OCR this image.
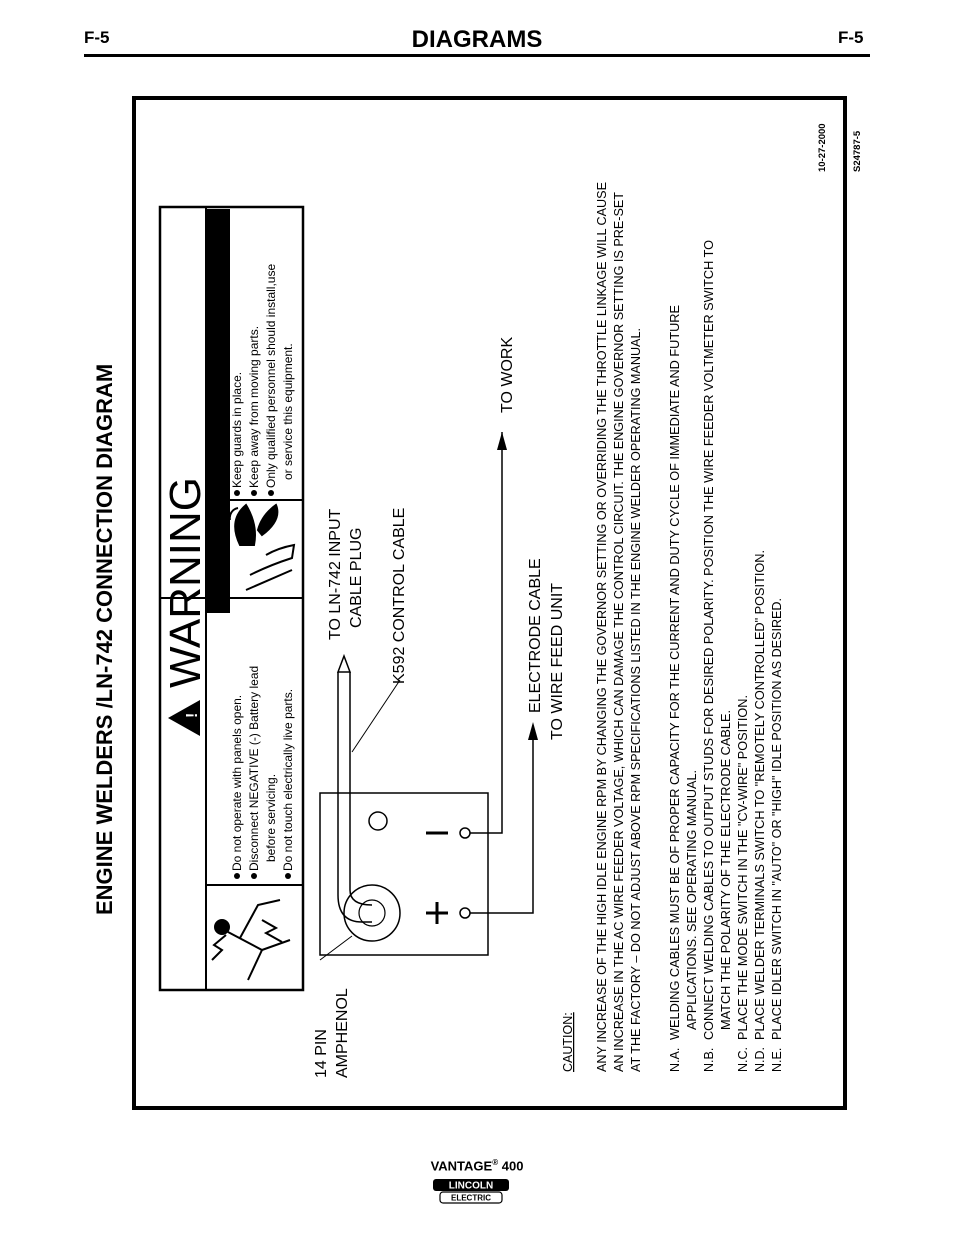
F-5	DIAGRAMS	F-5
ENGINE WELDERS /LN-742 CONNECTION DIAGRAM
10-27-2000	S24787-5
!
WARNING
Do not operate with panels open. Disconnect NEGATIVE (-) Battery lead before servicing. Do not touch electrically live parts.
Keep guards in place. Keep away from moving parts. Only qualified personnel should install,use or service this equipment.
14 PIN AMPHENOL
TO LN-742 INPUT CABLE PLUG K592 CONTROL CABLE	ELECTRODE CABLE TO WIRE FEED UNIT
TO WORK
CAUTION: ANY INCREASE OF THE HIGH IDLE ENGINE RPM BY CHANGING THE GOVERNOR SETTING OR OVERRIDING THE THROTTLE LINKAGE WILL CAUSE AN INCREASE IN THE AC WIRE FEEDER VOLTAGE, WHICH CAN DAMAGE THE CONTROL CIRCUIT. THE ENGINE GOVERNOR SETTING IS PRE-SET AT THE FACTORY – DO NOT ADJUST ABOVE RPM SPECIFICATIONS LISTED IN THE ENGINE WELDER OPERATING MANUAL. N.A.
WELDING CABLES MUST BE OF PROPER CAPACITY FOR THE CURRENT AND DUTY CYCLE OF IMMEDIATE AND FUTURE APPLICATIONS. SEE OPERATING MANUAL.
N.B.
CONNECT WELDING CABLES TO OUTPUT STUDS FOR DESIRED POLARITY. POSITION THE WIRE FEEDER VOLTMETER SWITCH TO MATCH THE POLARITY OF THE ELECTRODE CABLE.
N.C.
PLACE THE MODE SWITCH IN THE "CV-WIRE" POSITION.
N.D.
PLACE WELDER TERMINALS SWITCH TO "REMOTELY CONTROLLED" POSITION.
N.E.
PLACE IDLER SWITCH IN "AUTO" OR "HIGH" IDLE POSITION AS DESIRED.
VANTAGE® 400
LINCOLN	®
ELECTRIC
